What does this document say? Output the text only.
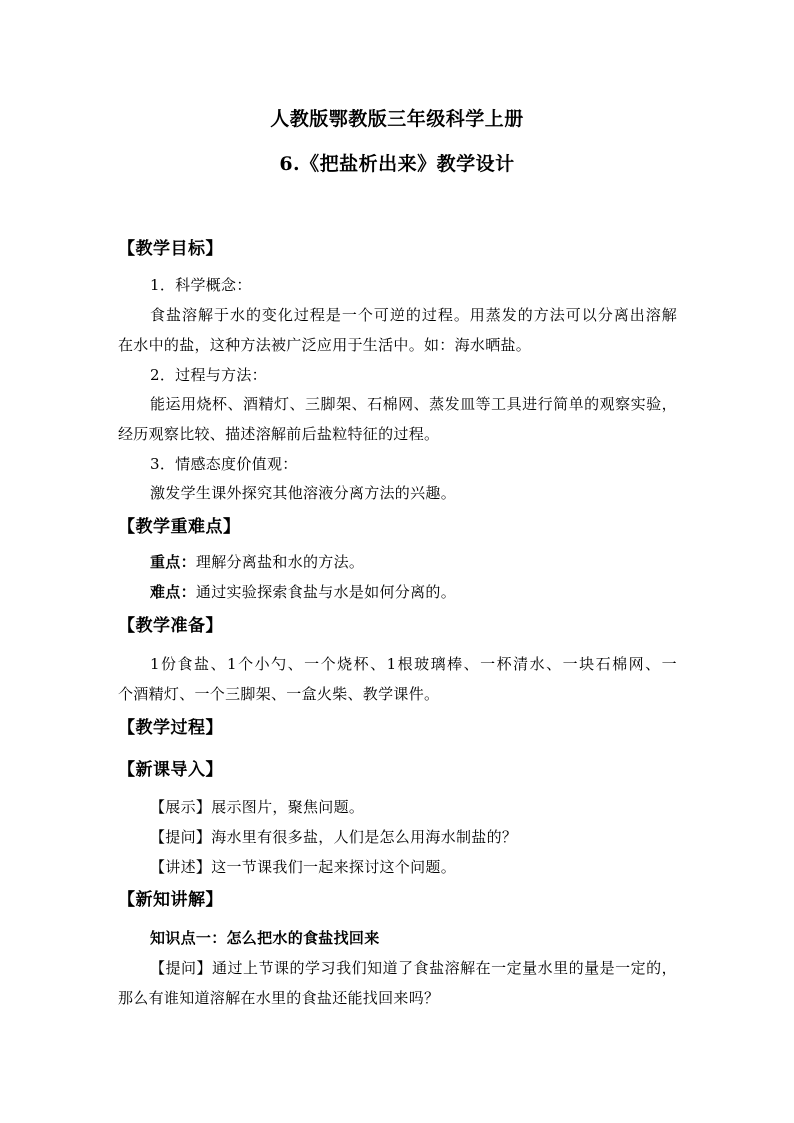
人教版鄂教版三年级科学上册
6.《把盐析出来》教学设计
【教学目标】
1．科学概念：
食盐溶解于水的变化过程是一个可逆的过程。用蒸发的方法可以分离出溶解
在水中的盐，这种方法被广泛应用于生活中。如：海水晒盐。
2．过程与方法：
能运用烧杯、酒精灯、三脚架、石棉网、蒸发皿等工具进行简单的观察实验，
经历观察比较、描述溶解前后盐粒特征的过程。
3．情感态度价值观：
激发学生课外探究其他溶液分离方法的兴趣。
【教学重难点】
重点：理解分离盐和水的方法。
难点：通过实验探索食盐与水是如何分离的。
【教学准备】
1份食盐、1个小勺、一个烧杯、1根玻璃棒、一杯清水、一块石棉网、一
个酒精灯、一个三脚架、一盒火柴、教学课件。
【教学过程】
【新课导入】
【展示】展示图片，聚焦问题。
【提问】海水里有很多盐，人们是怎么用海水制盐的？
【讲述】这一节课我们一起来探讨这个问题。
【新知讲解】
知识点一：怎么把水的食盐找回来
【提问】通过上节课的学习我们知道了食盐溶解在一定量水里的量是一定的，
那么有谁知道溶解在水里的食盐还能找回来吗？
